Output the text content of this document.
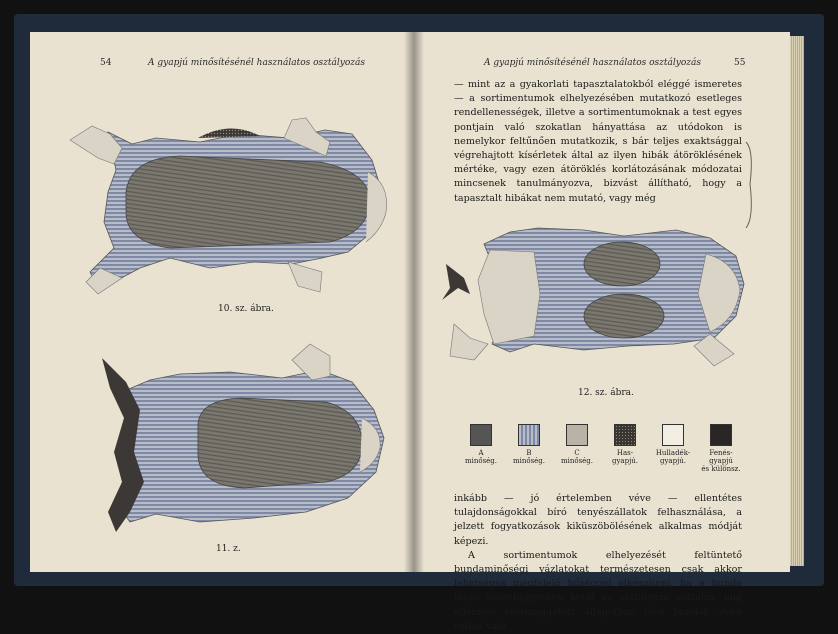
54	A gyapjú minősítésénél használatos osztályozás
10. sz. ábra.
11. z.
A gyapjú minősítésénél használatos osztályozás	55

— mint az a gyakorlati tapasztalatokból eléggé ismeretes — a sortimentumok elhelyezésében mutatkozó esetleges rendellenességek, illetve a sortimentumoknak a test egyes pontjain való szokatlan hányattása az utódokon is nemelykor feltűnően mutatkozik, s bár teljes exaktsággal végrehajtott kísérletek által az ilyen hibák átöröklésének mértéke, vagy ezen átöröklés korlátozásának módozatai mincsenek tanulmányozva, bizvást állítható, hogy a tapasztalt hibákat nem mutató, vagy még

12. sz. ábra.
A
minőség.
B
minőség.
C
minőség.
Has-
gyapjú.
Hulladék-
gyapjú.
Fenés-gyapjú
és különsz.

inkább — jó értelemben véve — ellentétes tulajdonságokkal bíró tenyészállatok felhasználása, a jelzett fogyatkozások kiküszöbölésének alkalmas módját képezi.

A sortimentumok elhelyezését feltüntető bundaminőségi vázlatokat természetesen csak akkor lehetséges megfelelő hűséggel elkészíteni, ha a bunda teljes összefüggésben kerül az osztályozó asztalra, mig ellenben szétszaggatott állapotban lévő bundák ilyen célból való
